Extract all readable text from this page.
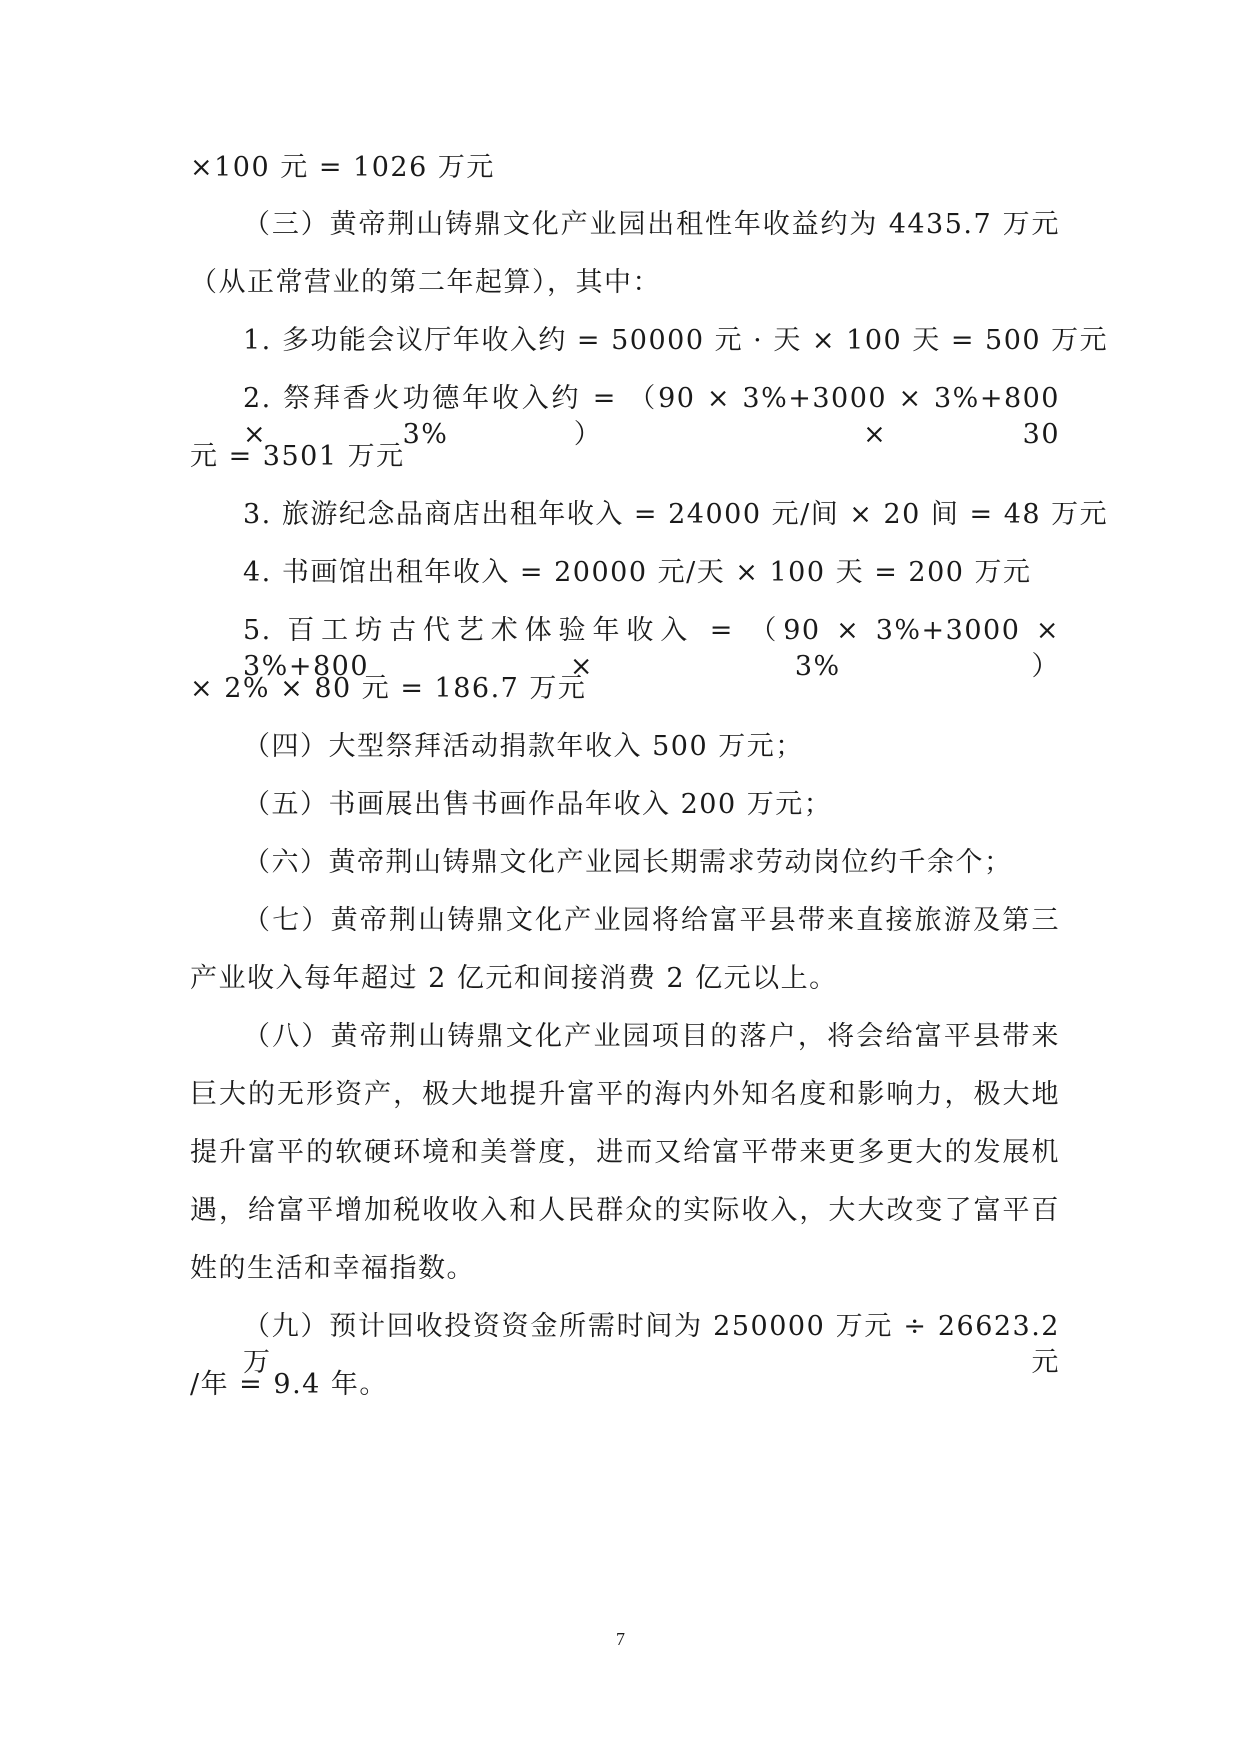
×100 元 = 1026 万元
（三）黄帝荆山铸鼎文化产业园出租性年收益约为 4435.7 万元
（从正常营业的第二年起算），其中：
1. 多功能会议厅年收入约 = 50000 元 · 天 × 100 天 = 500 万元
2. 祭拜香火功德年收入约 = （90 × 3%+3000 × 3%+800 × 3%） × 30
元 = 3501 万元
3. 旅游纪念品商店出租年收入 = 24000 元/间 × 20 间 = 48 万元
4. 书画馆出租年收入 = 20000 元/天 × 100 天 = 200 万元
5. 百工坊古代艺术体验年收入 = （90 × 3%+3000 × 3%+800 × 3%）
× 2% × 80 元 = 186.7 万元
（四）大型祭拜活动捐款年收入 500 万元；
（五）书画展出售书画作品年收入 200 万元；
（六）黄帝荆山铸鼎文化产业园长期需求劳动岗位约千余个；
（七）黄帝荆山铸鼎文化产业园将给富平县带来直接旅游及第三
产业收入每年超过 2 亿元和间接消费 2 亿元以上。
（八）黄帝荆山铸鼎文化产业园项目的落户，将会给富平县带来
巨大的无形资产，极大地提升富平的海内外知名度和影响力，极大地
提升富平的软硬环境和美誉度，进而又给富平带来更多更大的发展机
遇，给富平增加税收收入和人民群众的实际收入，大大改变了富平百
姓的生活和幸福指数。
（九）预计回收投资资金所需时间为 250000 万元 ÷ 26623.2 万元
/年 = 9.4 年。
7
